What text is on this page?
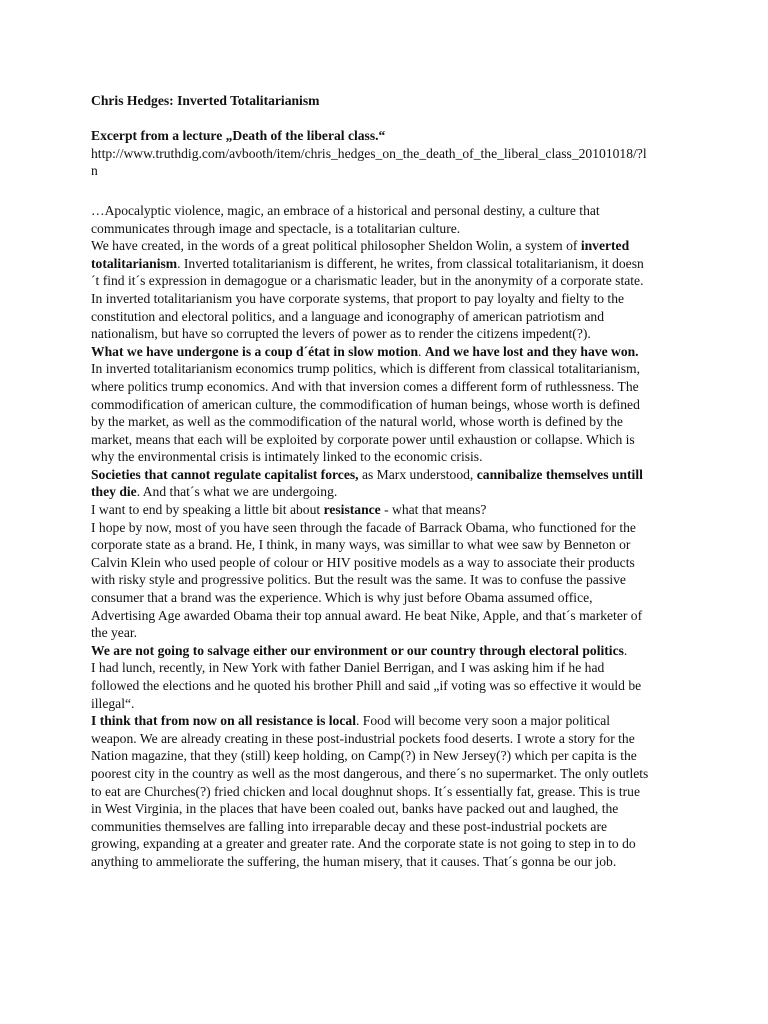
Chris Hedges: Inverted Totalitarianism

Excerpt from a lecture „Death of the liberal class.“

http://www.truthdig.com/avbooth/item/chris_hedges_on_the_death_of_the_liberal_class_20101018/?ln

…Apocalyptic violence, magic, an embrace of a historical and personal destiny, a culture that communicates through image and spectacle, is a totalitarian culture.

We have created, in the words of a great political philosopher Sheldon Wolin, a system of inverted totalitarianism. Inverted totalitarianism is different, he writes, from classical totalitarianism, it doesn´t find it´s expression in demagogue or a charismatic leader, but in the anonymity of a corporate state. In inverted totalitarianism you have corporate systems, that proport to pay loyalty and fielty to the constitution and electoral politics, and a language and iconography of american patriotism and nationalism, but have so corrupted the levers of power as to render the citizens impedent(?).

What we have undergone is a coup d´état in slow motion. And we have lost and they have won.

In inverted totalitarianism economics trump politics, which is different from classical totalitarianism, where politics trump economics. And with that inversion comes a different form of ruthlessness. The commodification of american culture, the commodification of human beings, whose worth is defined by the market, as well as the commodification of the natural world, whose worth is defined by the market, means that each will be exploited by corporate power until exhaustion or collapse. Which is why the environmental crisis is intimately linked to the economic crisis.

Societies that cannot regulate capitalist forces, as Marx understood, cannibalize themselves untill they die. And that´s what we are undergoing.

I want to end by speaking a little bit about resistance - what that means?

I hope by now, most of you have seen through the facade of Barrack Obama, who functioned for the corporate state as a brand. He, I think, in many ways, was simillar to what wee saw by Benneton or Calvin Klein who used people of colour or HIV positive models as a way to associate their products with risky style and progressive politics. But the result was the same. It was to confuse the passive consumer that a brand was the experience. Which is why just before Obama assumed office, Advertising Age awarded Obama their top annual award. He beat Nike, Apple, and that´s marketer of the year.

We are not going to salvage either our environment or our country through electoral politics.

I had lunch, recently, in New York with father Daniel Berrigan, and I was asking him if he had followed the elections and he quoted his brother Phill and said „if voting was so effective it would be illegal“.

I think that from now on all resistance is local. Food will become very soon a major political weapon. We are already creating in these post-industrial pockets food deserts. I wrote a story for the Nation magazine, that they (still) keep holding, on Camp(?) in New Jersey(?) which per capita is the poorest city in the country as well as the most dangerous, and there´s no supermarket. The only outlets to eat are Churches(?) fried chicken and local doughnut shops. It´s essentially fat, grease. This is true in West Virginia, in the places that have been coaled out, banks have packed out and laughed, the communities themselves are falling into irreparable decay and these post-industrial pockets are growing, expanding at a greater and greater rate. And the corporate state is not going to step in to do anything to ammeliorate the suffering, the human misery, that it causes. That´s gonna be our job.
